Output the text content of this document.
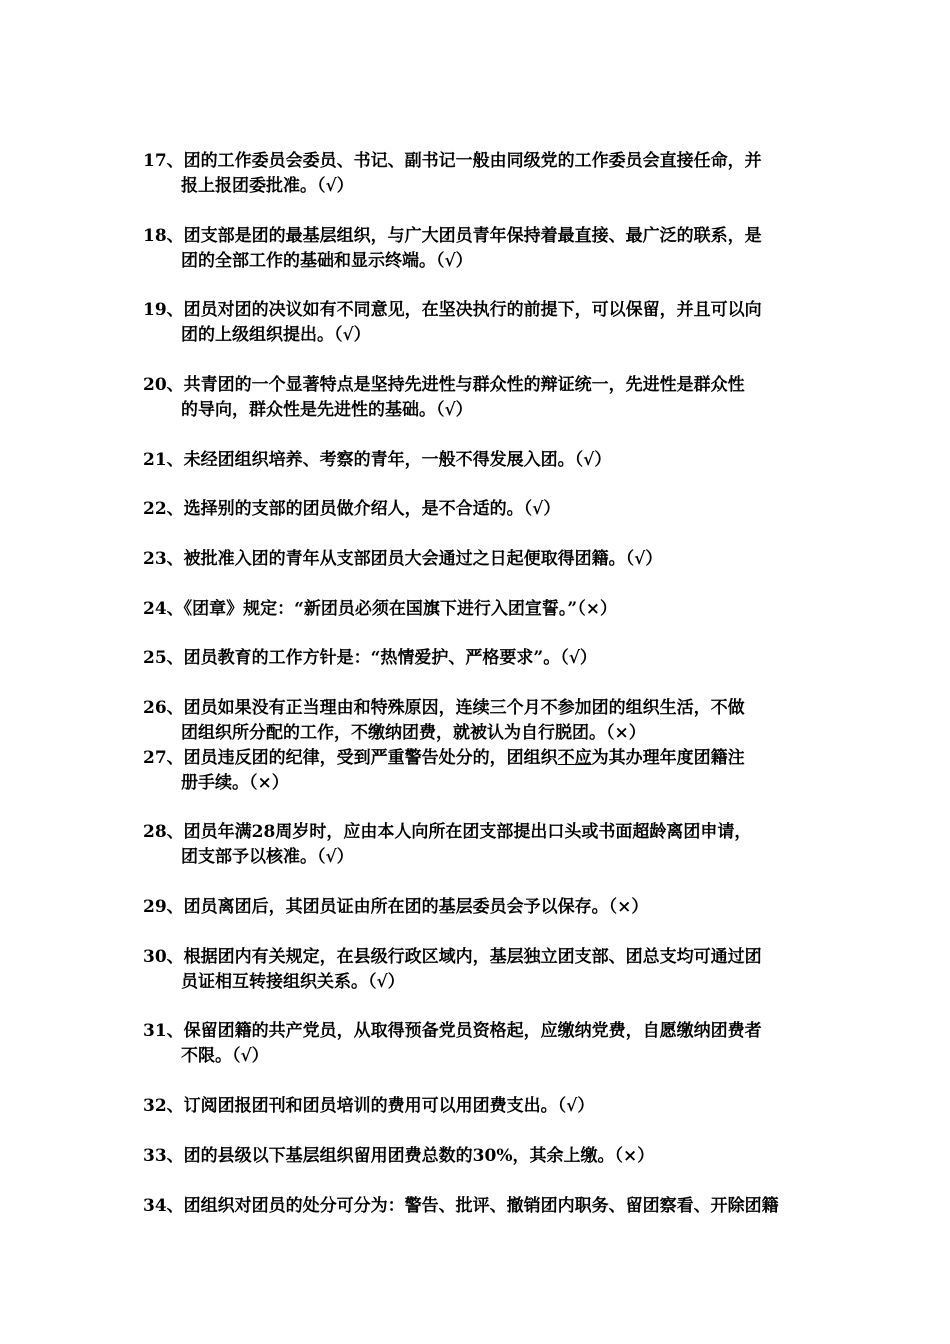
17、团的工作委员会委员、书记、副书记一般由同级党的工作委员会直接任命，并
报上报团委批准。（√）
18、团支部是团的最基层组织，与广大团员青年保持着最直接、最广泛的联系，是
团的全部工作的基础和显示终端。（√）
19、团员对团的决议如有不同意见，在坚决执行的前提下，可以保留，并且可以向
团的上级组织提出。（√）
20、共青团的一个显著特点是坚持先进性与群众性的辩证统一，先进性是群众性
的导向，群众性是先进性的基础。（√）
21、未经团组织培养、考察的青年，一般不得发展入团。（√）
22、选择别的支部的团员做介绍人，是不合适的。（√）
23、被批准入团的青年从支部团员大会通过之日起便取得团籍。（√）
24、《团章》规定：“新团员必须在国旗下进行入团宣誓。”（×）
25、团员教育的工作方针是：“热情爱护、严格要求”。（√）
26、团员如果没有正当理由和特殊原因，连续三个月不参加团的组织生活，不做
团组织所分配的工作，不缴纳团费，就被认为自行脱团。（×）
27、团员违反团的纪律，受到严重警告处分的，团组织不应为其办理年度团籍注
册手续。（×）
28、团员年满28周岁时，应由本人向所在团支部提出口头或书面超龄离团申请，
团支部予以核准。（√）
29、团员离团后，其团员证由所在团的基层委员会予以保存。（×）
30、根据团内有关规定，在县级行政区域内，基层独立团支部、团总支均可通过团
员证相互转接组织关系。（√）
31、保留团籍的共产党员，从取得预备党员资格起，应缴纳党费，自愿缴纳团费者
不限。（√）
32、订阅团报团刊和团员培训的费用可以用团费支出。（√）
33、团的县级以下基层组织留用团费总数的30%，其余上缴。（×）
34、团组织对团员的处分可分为：警告、批评、撤销团内职务、留团察看、开除团籍
